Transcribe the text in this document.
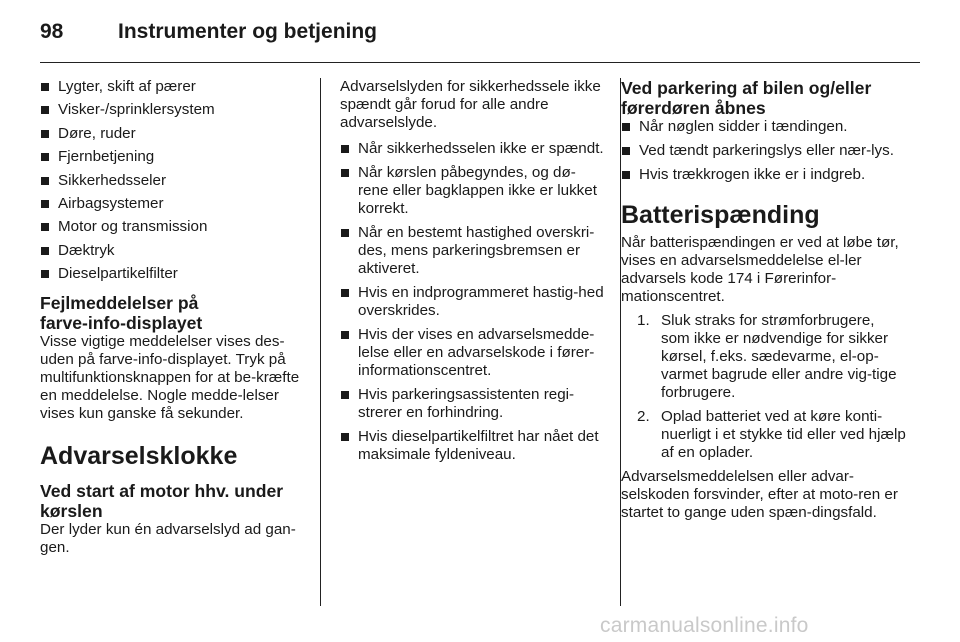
98	Instrumenter og betjening
Lygter, skift af pærer
Visker-/sprinklersystem
Døre, ruder
Fjernbetjening
Sikkerhedsseler
Airbagsystemer
Motor og transmission
Dæktryk
Dieselpartikelfilter
Fejlmeddelelser på
farve-info-displayet

Visse vigtige meddelelser vises des-uden på farve-info-displayet. Tryk på multifunktionsknappen for at be-kræfte en meddelelse. Nogle medde-lelser vises kun ganske få sekunder.

Advarselsklokke
Ved start af motor hhv. under
kørslen

Der lyder kun én advarselslyd ad gan-gen.

Advarselslyden for sikkerhedssele ikke spændt går forud for alle andre advarselslyde.

Når sikkerhedsselen ikke er spændt.
Når kørslen påbegyndes, og dø-rene eller bagklappen ikke er lukket korrekt.
Når en bestemt hastighed overskri-des, mens parkeringsbremsen er aktiveret.
Hvis en indprogrammeret hastig-hed overskrides.
Hvis der vises en advarselsmedde-lelse eller en advarselskode i fører-informationscentret.
Hvis parkeringsassistenten regi-strerer en forhindring.
Hvis dieselpartikelfiltret har nået det maksimale fyldeniveau.
Ved parkering af bilen og/eller
førerdøren åbnes
Når nøglen sidder i tændingen.
Ved tændt parkeringslys eller nær-lys.
Hvis trækkrogen ikke er i indgreb.
Batterispænding

Når batterispændingen er ved at løbe tør, vises en advarselsmeddelelse el-ler advarsels kode 174 i Førerinfor-mationscentret.

1. Sluk straks for strømforbrugere, som ikke er nødvendige for sikker kørsel, f.eks. sædevarme, el-op-varmet bagrude eller andre vig-tige forbrugere.
2. Oplad batteriet ved at køre konti-nuerligt i et stykke tid eller ved hjælp af en oplader.

Advarselsmeddelelsen eller advar-selskoden forsvinder, efter at moto-ren er startet to gange uden spæn-dingsfald.

carmanualsonline.info
